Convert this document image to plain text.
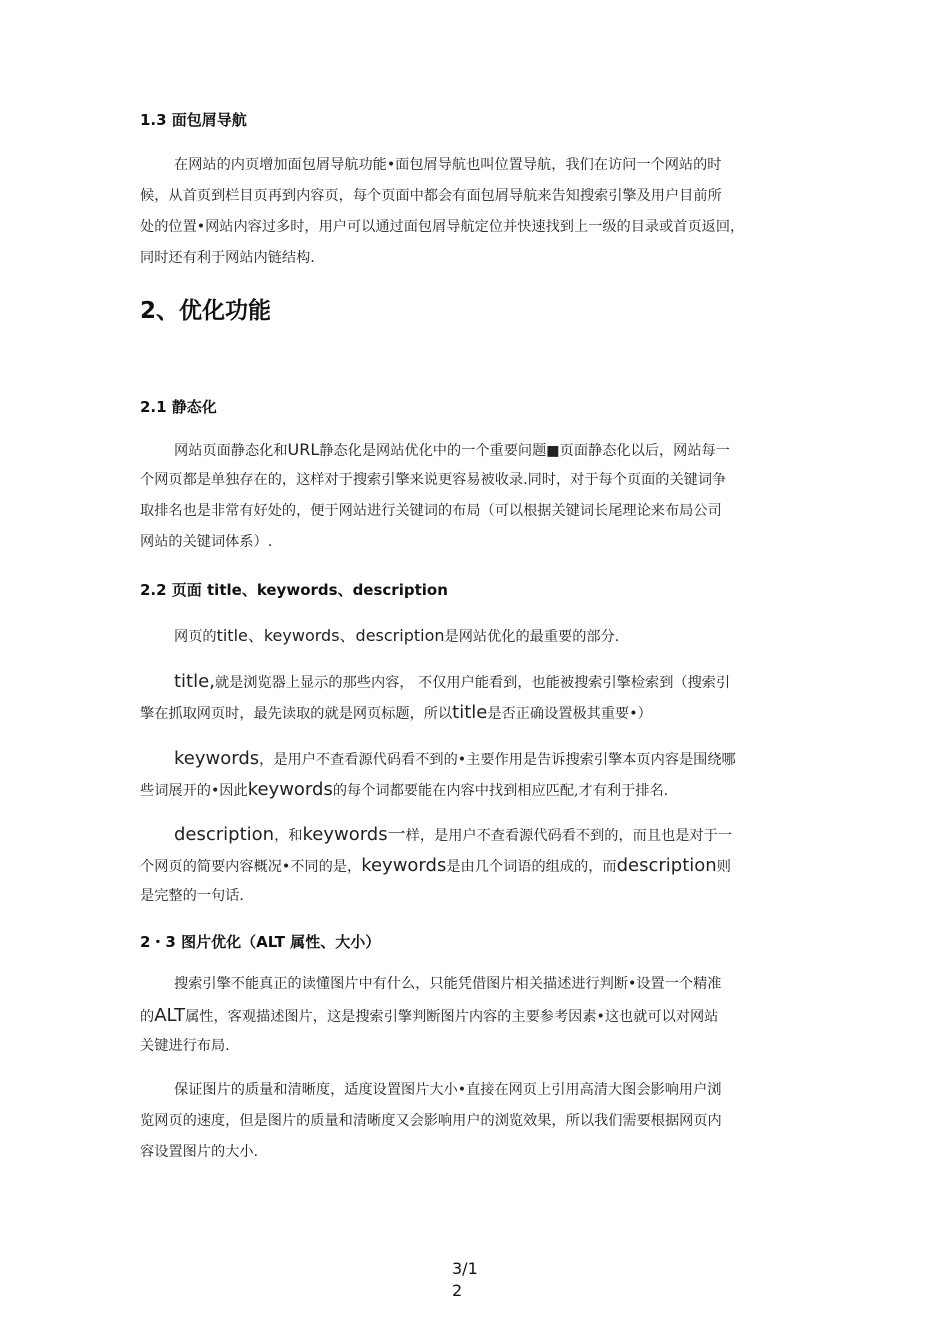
1.3 面包屑导航
在网站的内页增加面包屑导航功能•面包屑导航也叫位置导航，我们在访问一个网站的时
候，从首页到栏目页再到内容页，每个页面中都会有面包屑导航来告知搜索引擎及用户目前所
处的位置•网站内容过多时，用户可以通过面包屑导航定位并快速找到上一级的目录或首页返回，
同时还有利于网站内链结构.
2、优化功能
2.1 静态化
网站页面静态化和URL静态化是网站优化中的一个重要问题■页面静态化以后，网站每一
个网页都是单独存在的，这样对于搜索引擎来说更容易被收录.同时，对于每个页面的关键词争
取排名也是非常有好处的，便于网站进行关键词的布局（可以根据关键词长尾理论来布局公司
网站的关键词体系）.
2.2 页面 title、keywords、description
网页的title、keywords、description是网站优化的最重要的部分.
title,就是浏览器上显示的那些内容， 不仅用户能看到，也能被搜索引擎检索到（搜索引
擎在抓取网页时，最先读取的就是网页标题，所以title是否正确设置极其重要•）
keywords，是用户不查看源代码看不到的•主要作用是告诉搜索引擎本页内容是围绕哪
些词展开的•因此keywords的每个词都要能在内容中找到相应匹配,才有利于排名.
description，和keywords一样，是用户不查看源代码看不到的，而且也是对于一
个网页的简要内容概况•不同的是，keywords是由几个词语的组成的，而description则
是完整的一句话.
2・3 图片优化（ALT 属性、大小）
搜索引擎不能真正的读懂图片中有什么，只能凭借图片相关描述进行判断•设置一个精准
的ALT属性，客观描述图片，这是搜索引擎判断图片内容的主要参考因素•这也就可以对网站
关键进行布局.
保证图片的质量和清晰度，适度设置图片大小•直接在网页上引用高清大图会影响用户浏
览网页的速度，但是图片的质量和清晰度又会影响用户的浏览效果，所以我们需要根据网页内
容设置图片的大小.
3/1
2
